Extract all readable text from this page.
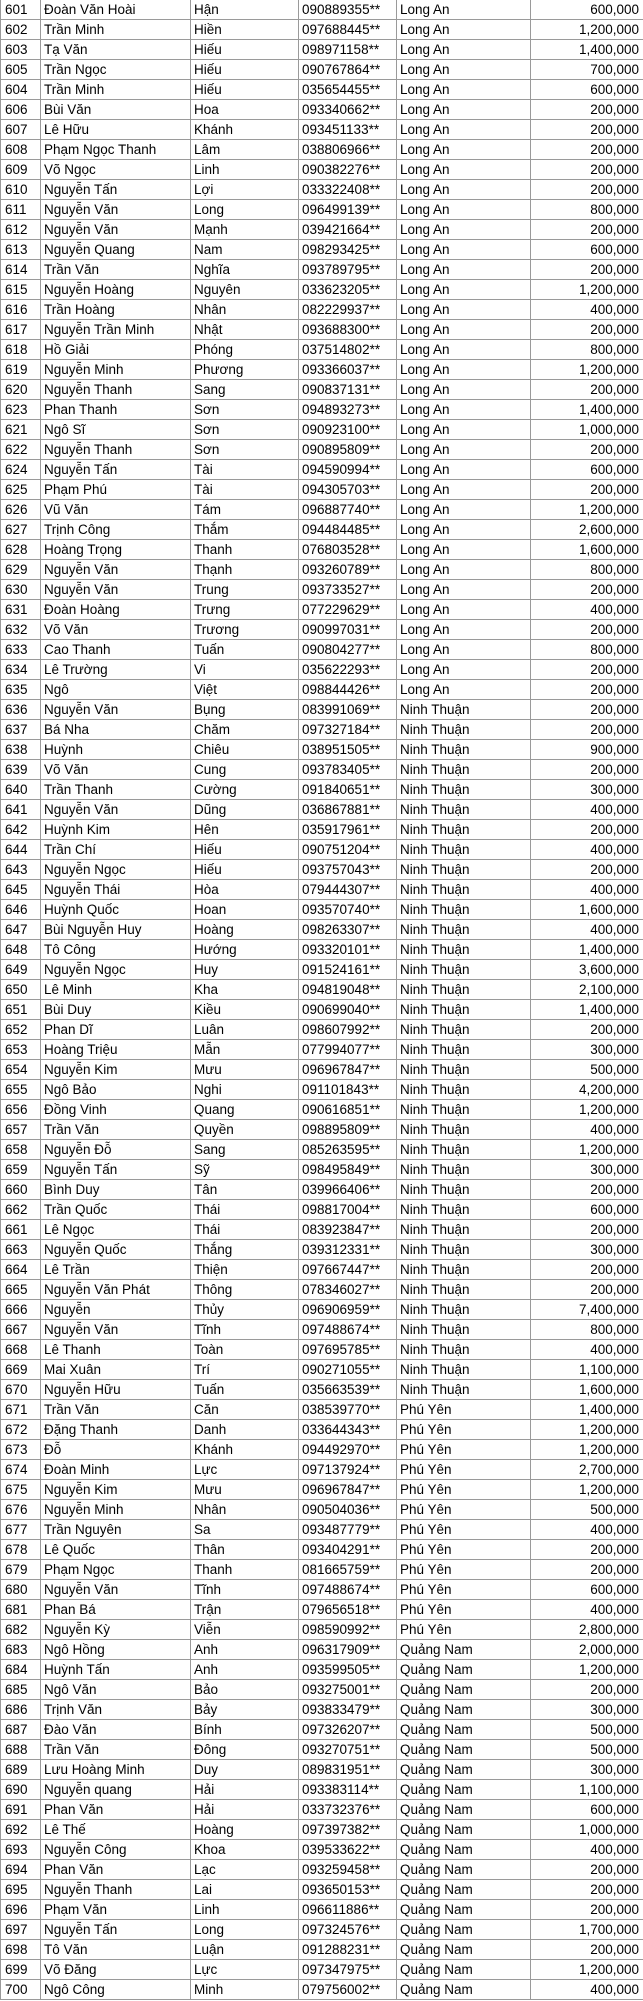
601	Đoàn Văn Hoài	Hận	090889355**	Long An	600,000
602	Trần Minh	Hiền	097688445**	Long An	1,200,000
603	Tạ Văn	Hiếu	098971158**	Long An	1,400,000
605	Trần Ngọc	Hiếu	090767864**	Long An	700,000
604	Trần Minh	Hiếu	035654455**	Long An	600,000
606	Bùi Văn	Hoa	093340662**	Long An	200,000
607	Lê Hữu	Khánh	093451133**	Long An	200,000
608	Phạm Ngọc Thanh	Lâm	038806966**	Long An	200,000
609	Võ Ngọc	Linh	090382276**	Long An	200,000
610	Nguyễn Tấn	Lợi	033322408**	Long An	200,000
611	Nguyễn Văn	Long	096499139**	Long An	800,000
612	Nguyễn Văn	Mạnh	039421664**	Long An	200,000
613	Nguyễn Quang	Nam	098293425**	Long An	600,000
614	Trần Văn	Nghĩa	093789795**	Long An	200,000
615	Nguyễn Hoàng	Nguyên	033623205**	Long An	1,200,000
616	Trần Hoàng	Nhân	082229937**	Long An	400,000
617	Nguyễn Trần Minh	Nhật	093688300**	Long An	200,000
618	Hồ Giải	Phóng	037514802**	Long An	800,000
619	Nguyễn Minh	Phương	093366037**	Long An	1,200,000
620	Nguyễn Thanh	Sang	090837131**	Long An	200,000
623	Phan Thanh	Sơn	094893273**	Long An	1,400,000
621	Ngô Sĩ	Sơn	090923100**	Long An	1,000,000
622	Nguyễn Thanh	Sơn	090895809**	Long An	200,000
624	Nguyễn Tấn	Tài	094590994**	Long An	600,000
625	Phạm Phú	Tài	094305703**	Long An	200,000
626	Vũ Văn	Tám	096887740**	Long An	1,200,000
627	Trịnh Công	Thắm	094484485**	Long An	2,600,000
628	Hoàng Trọng	Thanh	076803528**	Long An	1,600,000
629	Nguyễn Văn	Thạnh	093260789**	Long An	800,000
630	Nguyễn Văn	Trung	093733527**	Long An	200,000
631	Đoàn Hoàng	Trưng	077229629**	Long An	400,000
632	Võ Văn	Trương	090997031**	Long An	200,000
633	Cao Thanh	Tuấn	090804277**	Long An	800,000
634	Lê Trường	Vi	035622293**	Long An	200,000
635	Ngô	Việt	098844426**	Long An	200,000
636	Nguyễn Văn	Bụng	083991069**	Ninh Thuận	200,000
637	Bá Nha	Chăm	097327184**	Ninh Thuận	200,000
638	Huỳnh	Chiêu	038951505**	Ninh Thuận	900,000
639	Võ Văn	Cung	093783405**	Ninh Thuận	200,000
640	Trần Thanh	Cường	091840651**	Ninh Thuận	300,000
641	Nguyễn Văn	Dũng	036867881**	Ninh Thuận	400,000
642	Huỳnh Kim	Hên	035917961**	Ninh Thuận	200,000
644	Trần Chí	Hiếu	090751204**	Ninh Thuận	400,000
643	Nguyễn Ngọc	Hiếu	093757043**	Ninh Thuận	200,000
645	Nguyễn Thái	Hòa	079444307**	Ninh Thuận	400,000
646	Huỳnh Quốc	Hoan	093570740**	Ninh Thuận	1,600,000
647	Bùi Nguyễn Huy	Hoàng	098263307**	Ninh Thuận	400,000
648	Tô Công	Hướng	093320101**	Ninh Thuận	1,400,000
649	Nguyễn Ngọc	Huy	091524161**	Ninh Thuận	3,600,000
650	Lê Minh	Kha	094819048**	Ninh Thuận	2,100,000
651	Bùi Duy	Kiều	090699040**	Ninh Thuận	1,400,000
652	Phan Dĩ	Luân	098607992**	Ninh Thuận	200,000
653	Hoàng Triệu	Mẫn	077994077**	Ninh Thuận	300,000
654	Nguyễn Kim	Mưu	096967847**	Ninh Thuận	500,000
655	Ngô Bảo	Nghi	091101843**	Ninh Thuận	4,200,000
656	Đồng Vinh	Quang	090616851**	Ninh Thuận	1,200,000
657	Trần Văn	Quyền	098895809**	Ninh Thuận	400,000
658	Nguyễn Đỗ	Sang	085263595**	Ninh Thuận	1,200,000
659	Nguyễn Tấn	Sỹ	098495849**	Ninh Thuận	300,000
660	Bình Duy	Tân	039966406**	Ninh Thuận	200,000
662	Trần Quốc	Thái	098817004**	Ninh Thuận	600,000
661	Lê Ngọc	Thái	083923847**	Ninh Thuận	200,000
663	Nguyễn Quốc	Thắng	039312331**	Ninh Thuận	300,000
664	Lê Trần	Thiện	097667447**	Ninh Thuận	200,000
665	Nguyễn Văn Phát	Thông	078346027**	Ninh Thuận	200,000
666	Nguyễn	Thủy	096906959**	Ninh Thuận	7,400,000
667	Nguyễn Văn	Tĩnh	097488674**	Ninh Thuận	800,000
668	Lê Thanh	Toàn	097695785**	Ninh Thuận	400,000
669	Mai Xuân	Trí	090271055**	Ninh Thuận	1,100,000
670	Nguyễn Hữu	Tuấn	035663539**	Ninh Thuận	1,600,000
671	Trần Văn	Căn	038539770**	Phú Yên	1,400,000
672	Đặng Thanh	Danh	033644343**	Phú Yên	1,200,000
673	Đỗ	Khánh	094492970**	Phú Yên	1,200,000
674	Đoàn Minh	Lực	097137924**	Phú Yên	2,700,000
675	Nguyễn Kim	Mưu	096967847**	Phú Yên	1,200,000
676	Nguyễn Minh	Nhân	090504036**	Phú Yên	500,000
677	Trần Nguyên	Sa	093487779**	Phú Yên	400,000
678	Lê Quốc	Thân	093404291**	Phú Yên	200,000
679	Phạm Ngọc	Thanh	081665759**	Phú Yên	200,000
680	Nguyễn Văn	Tĩnh	097488674**	Phú Yên	600,000
681	Phan Bá	Trận	079656518**	Phú Yên	400,000
682	Nguyễn Kỳ	Viễn	098590992**	Phú Yên	2,800,000
683	Ngô Hồng	Anh	096317909**	Quảng Nam	2,000,000
684	Huỳnh Tấn	Anh	093599505**	Quảng Nam	1,200,000
685	Ngô Văn	Bảo	093275001**	Quảng Nam	200,000
686	Trịnh Văn	Bảy	093833479**	Quảng Nam	300,000
687	Đào Văn	Bính	097326207**	Quảng Nam	500,000
688	Trần Văn	Đông	093270751**	Quảng Nam	500,000
689	Lưu Hoàng Minh	Duy	089831951**	Quảng Nam	300,000
690	Nguyễn quang	Hải	093383114**	Quảng Nam	1,100,000
691	Phan Văn	Hải	033732376**	Quảng Nam	600,000
692	Lê Thế	Hoàng	097397382**	Quảng Nam	1,000,000
693	Nguyễn Công	Khoa	039533622**	Quảng Nam	400,000
694	Phan Văn	Lạc	093259458**	Quảng Nam	200,000
695	Nguyễn Thanh	Lai	093650153**	Quảng Nam	200,000
696	Phạm Văn	Linh	096611886**	Quảng Nam	200,000
697	Nguyễn Tấn	Long	097324576**	Quảng Nam	1,700,000
698	Tô Văn	Luận	091288231**	Quảng Nam	200,000
699	Võ Đăng	Lực	097347975**	Quảng Nam	1,200,000
700	Ngô Công	Minh	079756002**	Quảng Nam	400,000
